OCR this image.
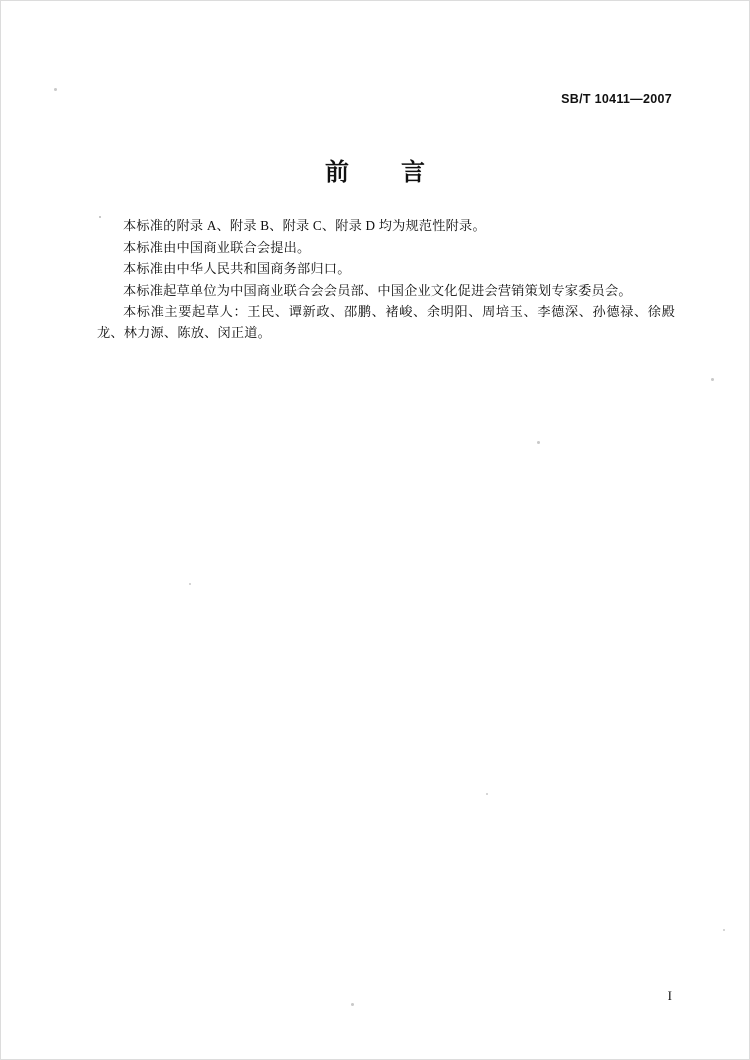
SB/T 10411—2007
前　言

本标准的附录 A、附录 B、附录 C、附录 D 均为规范性附录。

本标准由中国商业联合会提出。

本标准由中华人民共和国商务部归口。

本标准起草单位为中国商业联合会会员部、中国企业文化促进会营销策划专家委员会。

本标准主要起草人：王民、谭新政、邵鹏、褚峻、余明阳、周培玉、李德深、孙德禄、徐殿龙、林力源、陈放、闵正道。

I
